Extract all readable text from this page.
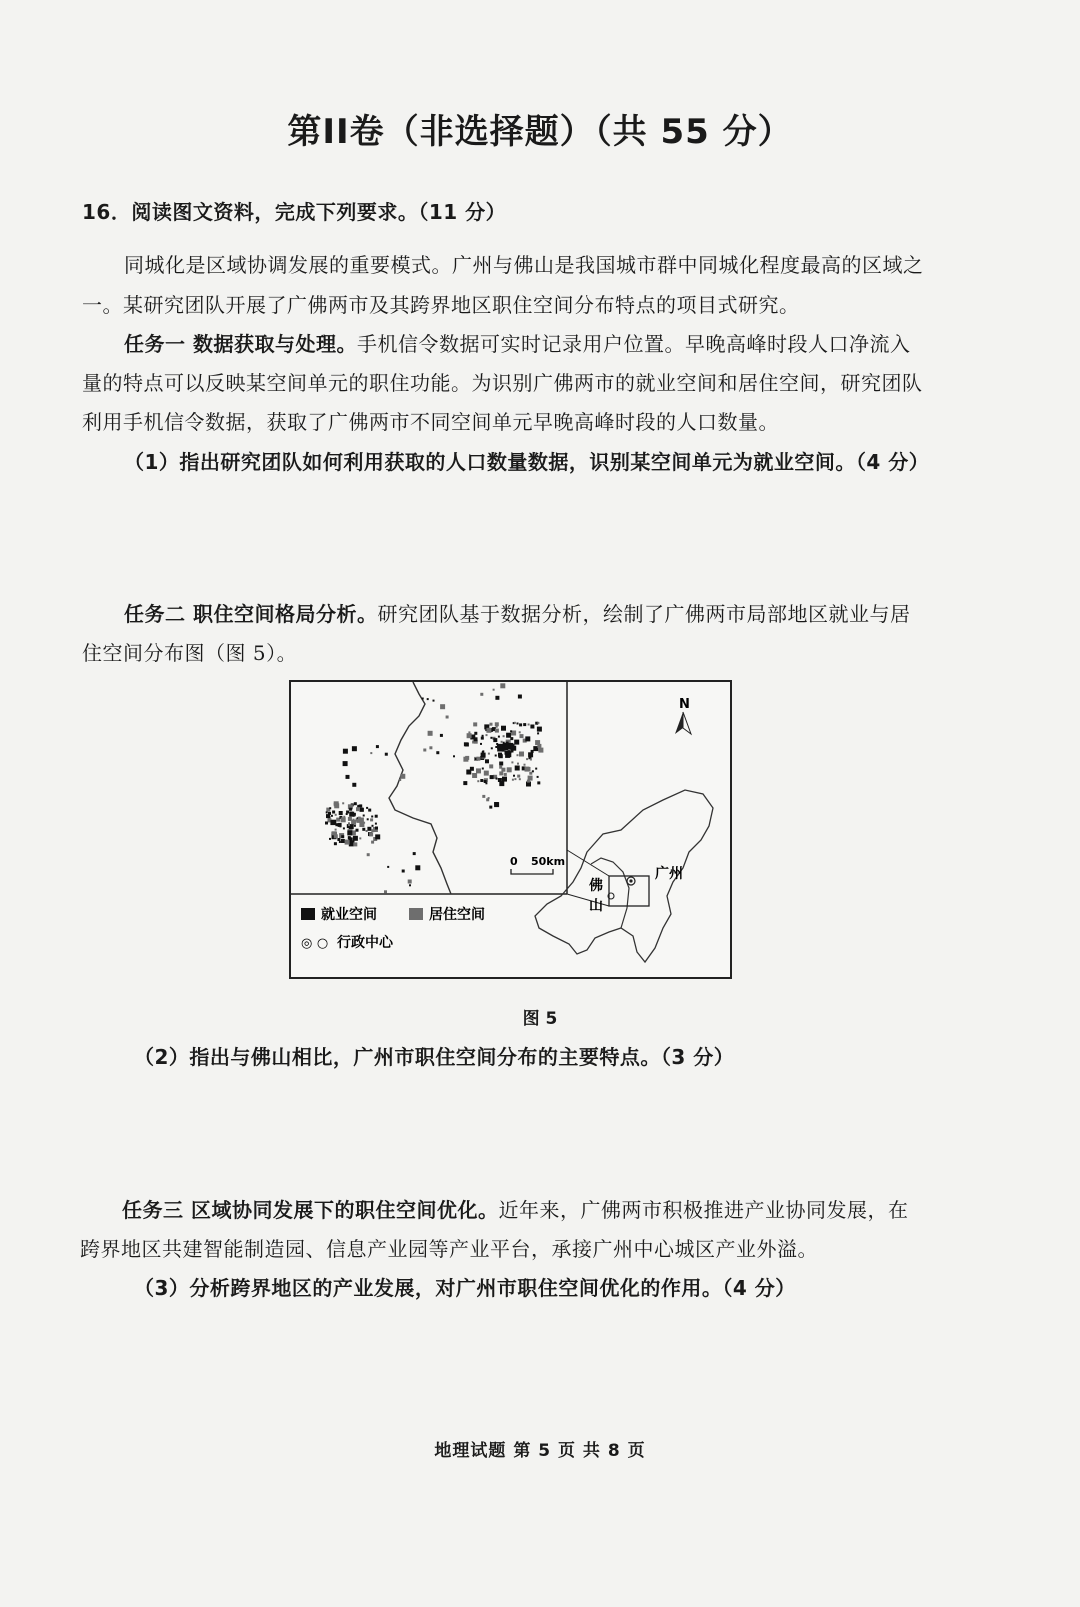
第II卷（非选择题）（共 55 分）
16．阅读图文资料，完成下列要求。（11 分）
同城化是区域协调发展的重要模式。广州与佛山是我国城市群中同城化程度最高的区域之
一。某研究团队开展了广佛两市及其跨界地区职住空间分布特点的项目式研究。
任务一 数据获取与处理。手机信令数据可实时记录用户位置。早晚高峰时段人口净流入
量的特点可以反映某空间单元的职住功能。为识别广佛两市的就业空间和居住空间，研究团队
利用手机信令数据，获取了广佛两市不同空间单元早晚高峰时段的人口数量。
（1）指出研究团队如何利用获取的人口数量数据，识别某空间单元为就业空间。（4 分）
任务二 职住空间格局分析。研究团队基于数据分析，绘制了广佛两市局部地区就业与居
住空间分布图（图 5）。
N
0 50km
广州
佛
山
就业空间	居住空间
◎ ○ 行政中心
图 5
（2）指出与佛山相比，广州市职住空间分布的主要特点。（3 分）
任务三 区域协同发展下的职住空间优化。近年来，广佛两市积极推进产业协同发展，在
跨界地区共建智能制造园、信息产业园等产业平台，承接广州中心城区产业外溢。
（3）分析跨界地区的产业发展，对广州市职住空间优化的作用。（4 分）
地理试题 第 5 页 共 8 页
